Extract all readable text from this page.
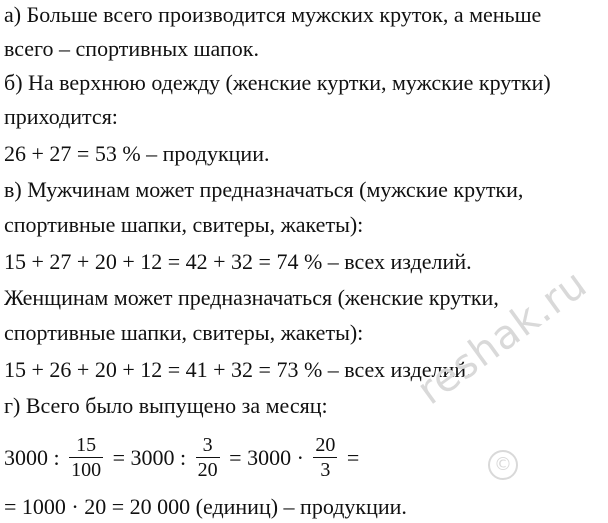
а) Больше всего производится мужских круток, а меньше
всего – спортивных шапок.
б) На верхнюю одежду (женские куртки, мужские крутки)
приходится:
26 + 27 = 53 % – продукции.
в) Мужчинам может предназначаться (мужские крутки,
спортивные шапки, свитеры, жакеты):
15 + 27 + 20 + 12 = 42 + 32 = 74 % – всех изделий.
Женщинам может предназначаться (женские крутки,
спортивные шапки, свитеры, жакеты):
15 + 26 + 20 + 12 = 41 + 32 = 73 % – всех изделий.
г) Всего было выпущено за месяц:
3000 : $\frac{15}{100} = 3000$ : $\frac{3}{20} = 3000 \cdot \frac{20}{3}$ =
= 1000 · 20 = 20 000 (единиц) – продукции.
reshak.ru
©
